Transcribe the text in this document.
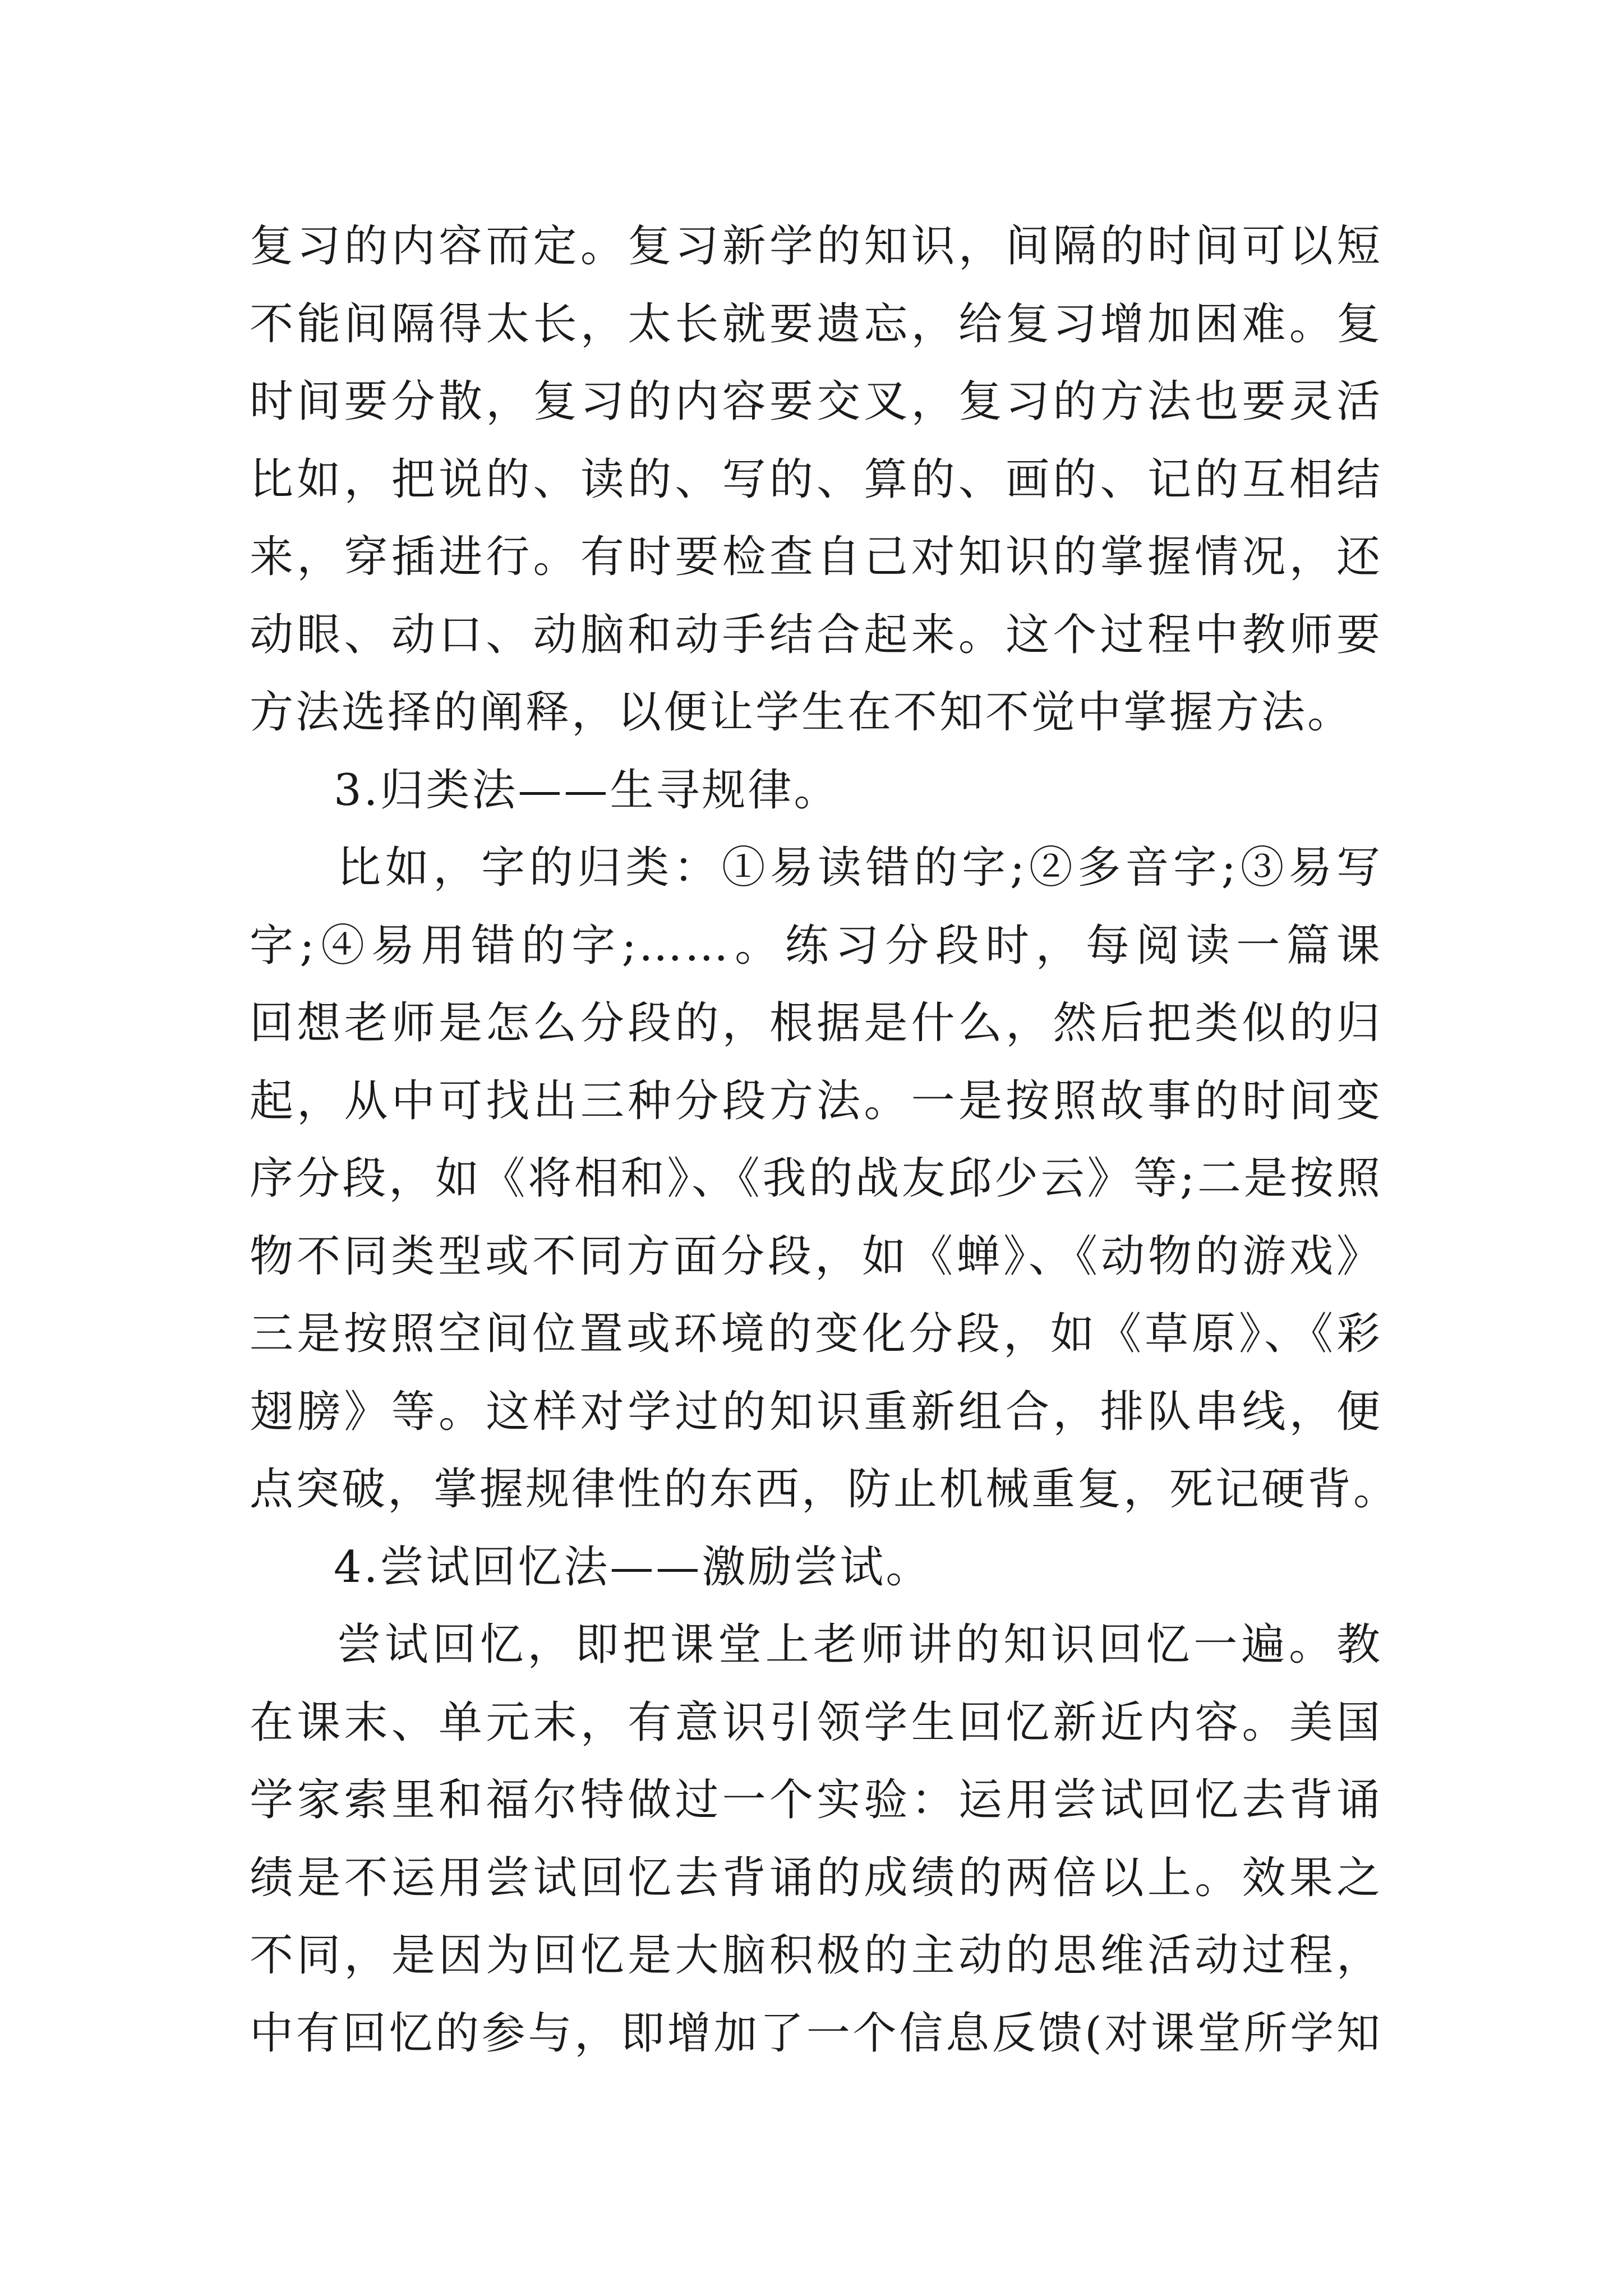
复习的内容而定。复习新学的知识，间隔的时间可以短
不能间隔得太长，太长就要遗忘，给复习增加困难。复
时间要分散，复习的内容要交叉，复习的方法也要灵活
比如，把说的、读的、写的、算的、画的、记的互相结
来，穿插进行。有时要检查自己对知识的掌握情况，还
动眼、动口、动脑和动手结合起来。这个过程中教师要
方法选择的阐释，以便让学生在不知不觉中掌握方法。
3.归类法——生寻规律。
比如，字的归类：①易读错的字;②多音字;③易写
字;④易用错的字;……。练习分段时，每阅读一篇课
回想老师是怎么分段的，根据是什么，然后把类似的归
起，从中可找出三种分段方法。一是按照故事的时间变
序分段，如《将相和》、《我的战友邱少云》等;二是按照
物不同类型或不同方面分段，如《蝉》、《动物的游戏》
三是按照空间位置或环境的变化分段，如《草原》、《彩
翅膀》等。这样对学过的知识重新组合，排队串线，便
点突破，掌握规律性的东西，防止机械重复，死记硬背。
4.尝试回忆法——激励尝试。
尝试回忆，即把课堂上老师讲的知识回忆一遍。教
在课末、单元末，有意识引领学生回忆新近内容。美国
学家索里和福尔特做过一个实验：运用尝试回忆去背诵
绩是不运用尝试回忆去背诵的成绩的两倍以上。效果之
不同，是因为回忆是大脑积极的主动的思维活动过程，
中有回忆的参与，即增加了一个信息反馈(对课堂所学知
